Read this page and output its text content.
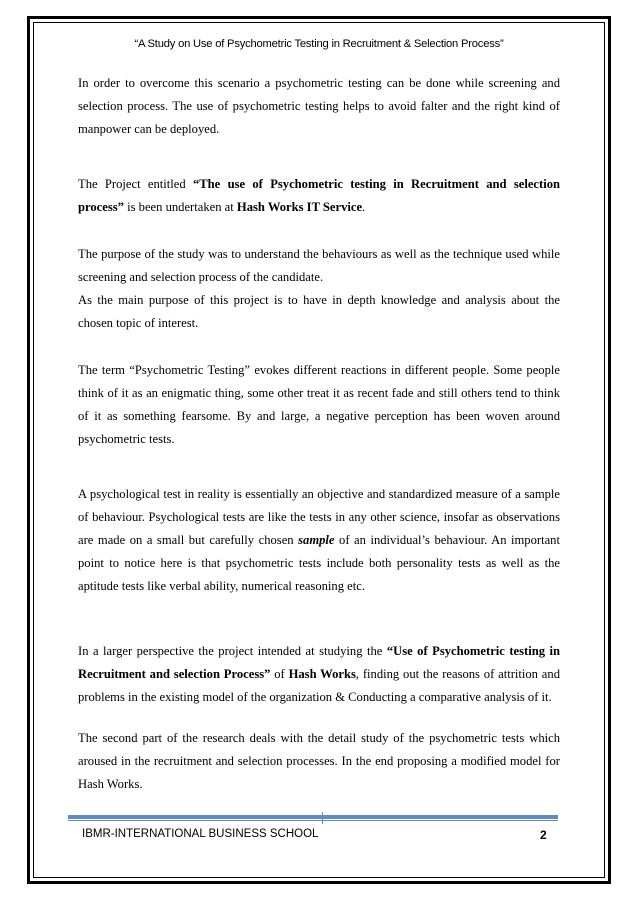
“A Study on Use of Psychometric Testing in Recruitment & Selection Process”

In order to overcome this scenario a psychometric testing can be done while screening and selection process. The use of psychometric testing helps to avoid falter and the right kind of manpower can be deployed.

The Project entitled “The use of Psychometric testing in Recruitment and selection process” is been undertaken at Hash Works IT Service.

The purpose of the study was to understand the behaviours as well as the technique used while screening and selection process of the candidate.

As the main purpose of this project is to have in depth knowledge and analysis about the chosen topic of interest.

The term “Psychometric Testing” evokes different reactions in different people. Some people think of it as an enigmatic thing, some other treat it as recent fade and still others tend to think of it as something fearsome. By and large, a negative perception has been woven around psychometric tests.

A psychological test in reality is essentially an objective and standardized measure of a sample of behaviour. Psychological tests are like the tests in any other science, insofar as observations are made on a small but carefully chosen sample of an individual’s behaviour. An important point to notice here is that psychometric tests include both personality tests as well as the aptitude tests like verbal ability, numerical reasoning etc.

In a larger perspective the project intended at studying the “Use of Psychometric testing in Recruitment and selection Process” of Hash Works, finding out the reasons of attrition and problems in the existing model of the organization & Conducting a comparative analysis of it.

The second part of the research deals with the detail study of the psychometric tests which aroused in the recruitment and selection processes. In the end proposing a modified model for Hash Works.

IBMR-INTERNATIONAL BUSINESS SCHOOL	2
